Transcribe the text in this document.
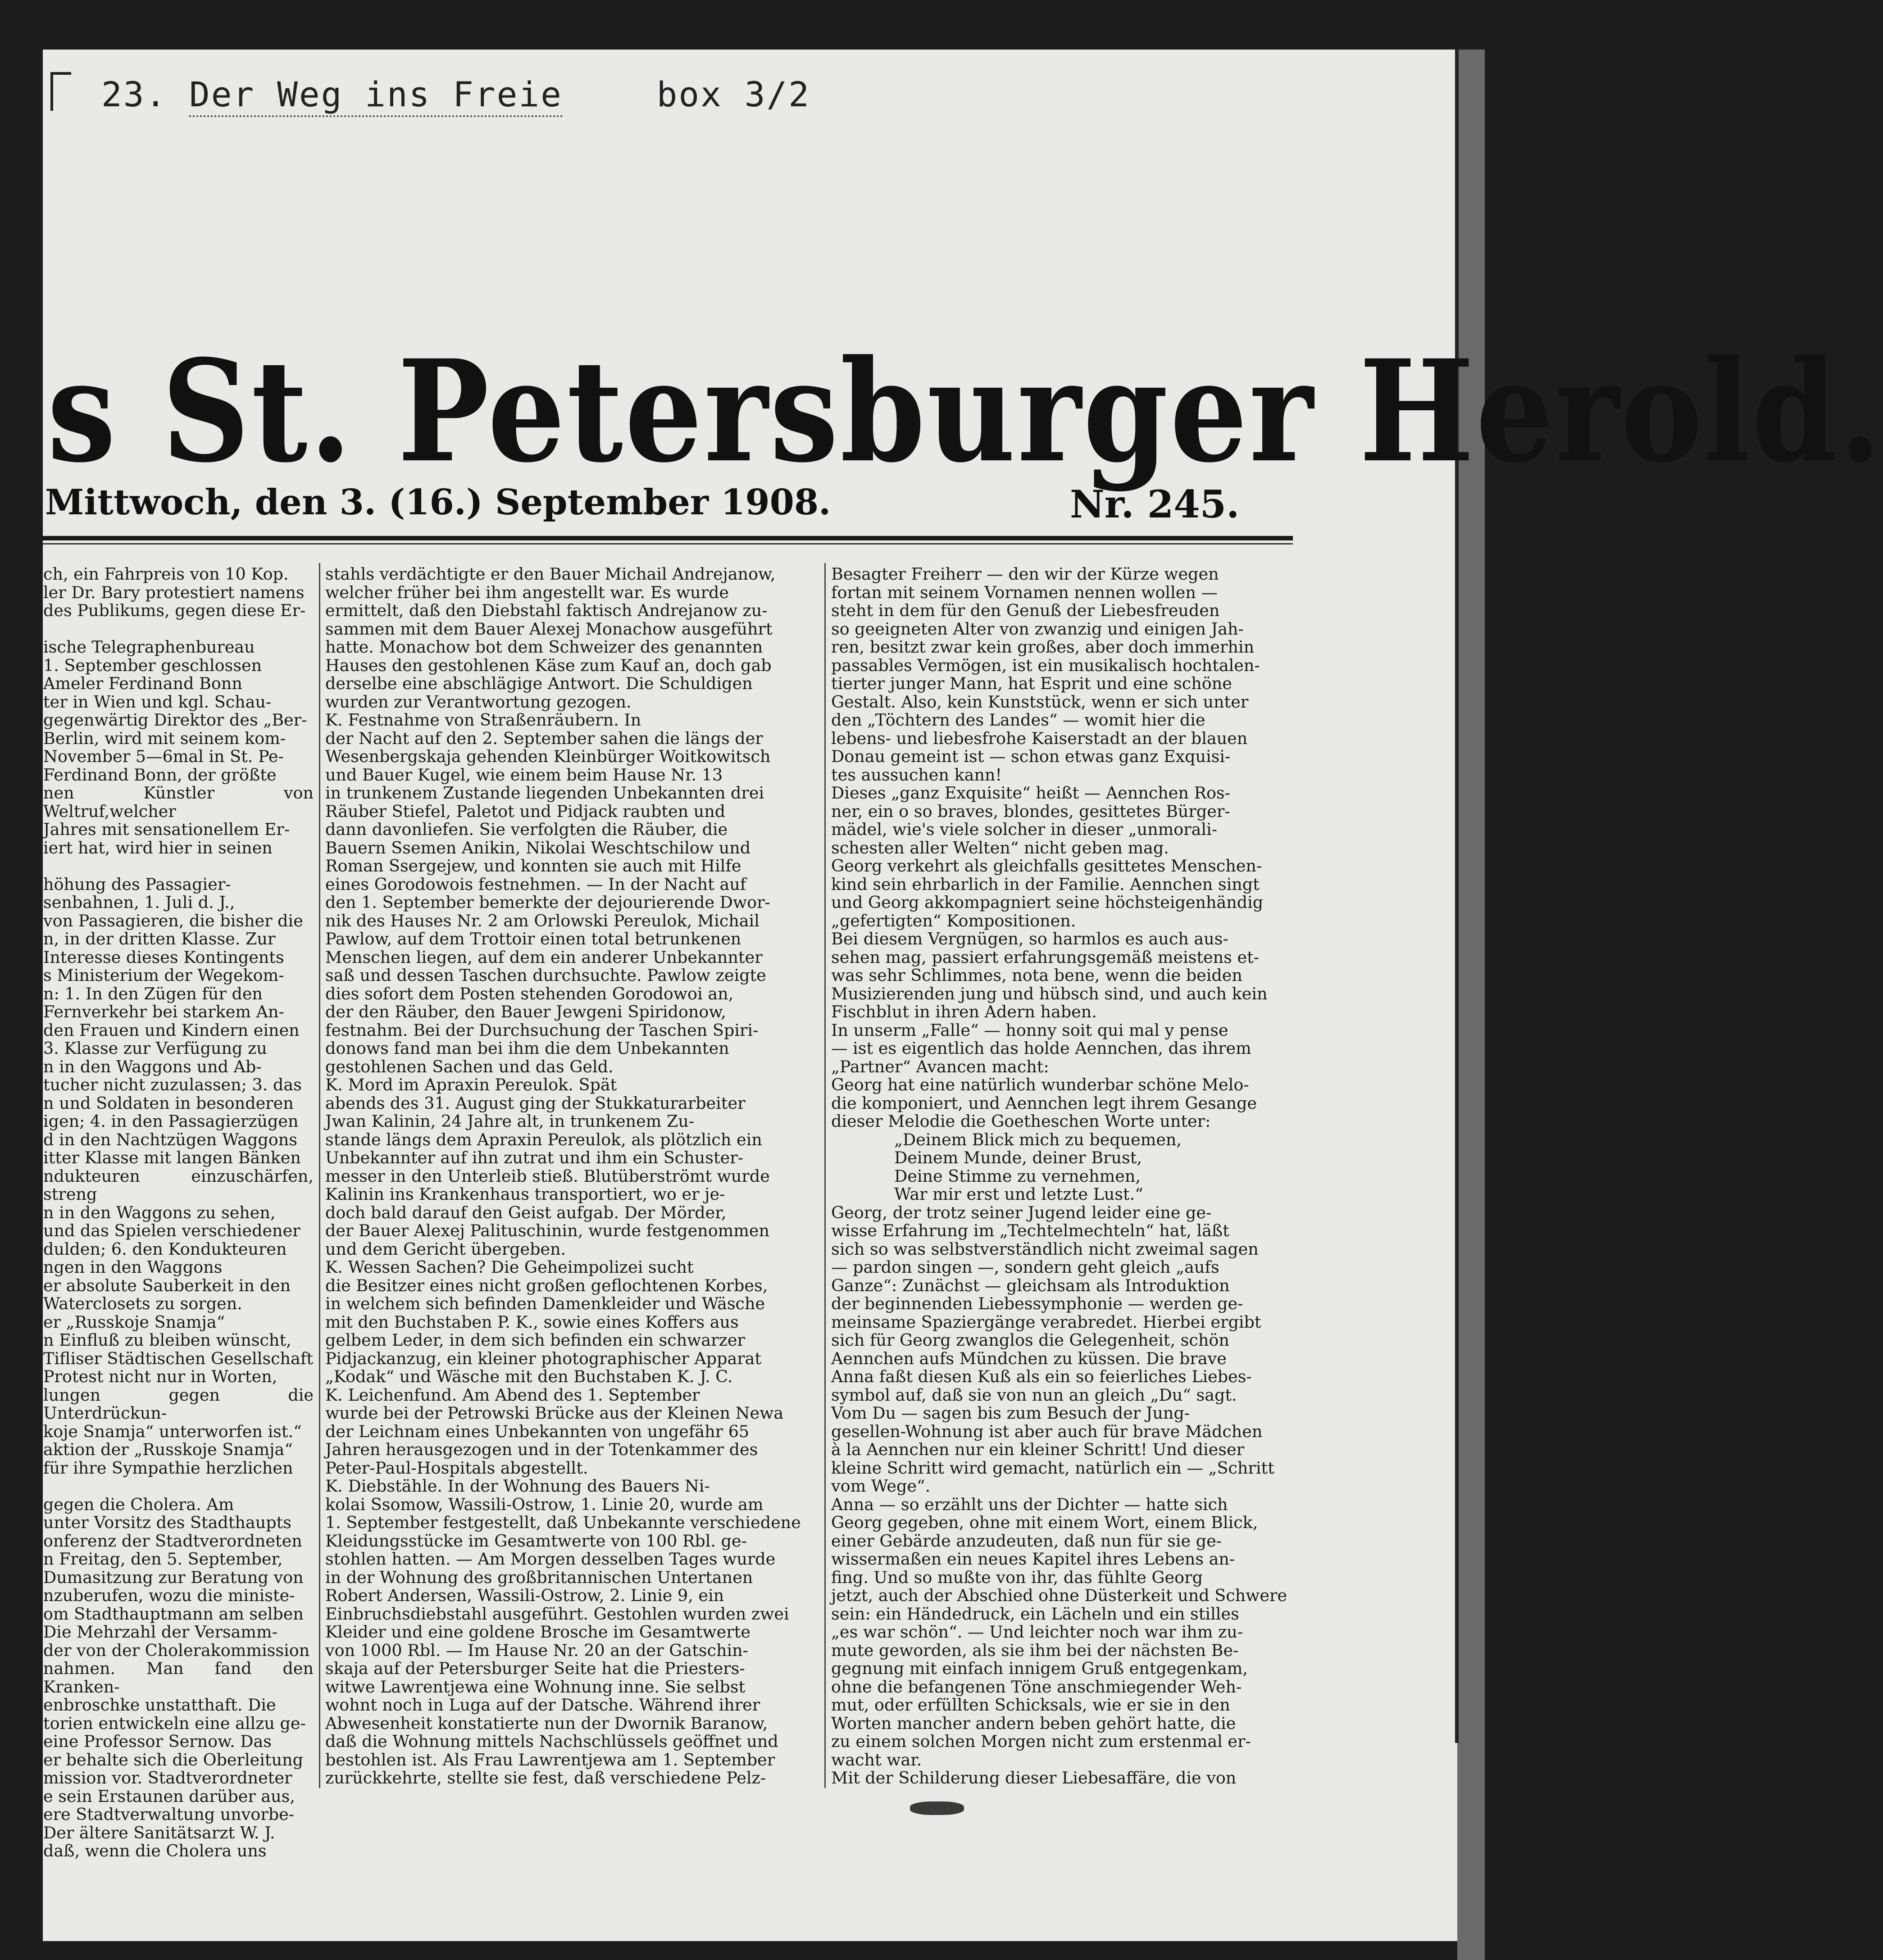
23. Der Weg ins Freie	box 3/2
s St. Petersburger Herold.
Mittwoch, den 3. (16.) September 1908.	Nr. 245.

ch, ein Fahrpreis von 10 Kop.

ler Dr. Bary protestiert namens

des Publikums, gegen diese Er-

ische Telegraphenbureau

1. September geschlossen

Ameler Ferdinand Bonn

ter in Wien und kgl. Schau-

gegenwärtig Direktor des „Ber-

Berlin, wird mit seinem kom-

November 5—6mal in St. Pe-

Ferdinand Bonn, der größte

nen Künstler von Weltruf,welcher

Jahres mit sensationellem Er-

iert hat, wird hier in seinen

höhung des Passagier-

senbahnen, 1. Juli d. J.,

von Passagieren, die bisher die

n, in der dritten Klasse. Zur

Interesse dieses Kontingents

s Ministerium der Wegekom-

n: 1. In den Zügen für den

Fernverkehr bei starkem An-

den Frauen und Kindern einen

3. Klasse zur Verfügung zu

n in den Waggons und Ab-

tucher nicht zuzulassen; 3. das

n und Soldaten in besonderen

igen; 4. in den Passagierzügen

d in den Nachtzügen Waggons

itter Klasse mit langen Bänken

ndukteuren einzuschärfen, streng

n in den Waggons zu sehen,

und das Spielen verschiedener

dulden; 6. den Kondukteuren

ngen in den Waggons

er absolute Sauberkeit in den

Waterclosets zu sorgen.

er „Russkoje Snamja“

n Einfluß zu bleiben wünscht,

Tifliser Städtischen Gesellschaft

Protest nicht nur in Worten,

lungen gegen die Unterdrückun-

koje Snamja“ unterworfen ist.“

aktion der „Russkoje Snamja“

für ihre Sympathie herzlichen

gegen die Cholera. Am

unter Vorsitz des Stadthaupts

onferenz der Stadtverordneten

n Freitag, den 5. September,

Dumasitzung zur Beratung von

nzuberufen, wozu die ministe-

om Stadthauptmann am selben

Die Mehrzahl der Versamm-

der von der Cholerakommission

nahmen. Man fand den Kranken-

enbroschke unstatthaft. Die

torien entwickeln eine allzu ge-

eine Professor Sernow. Das

er behalte sich die Oberleitung

mission vor. Stadtverordneter

e sein Erstaunen darüber aus,

ere Stadtverwaltung unvorbe-

Der ältere Sanitätsarzt W. J.

daß, wenn die Cholera uns

stahls verdächtigte er den Bauer Michail Andrejanow,

welcher früher bei ihm angestellt war. Es wurde

ermittelt, daß den Diebstahl faktisch Andrejanow zu-

sammen mit dem Bauer Alexej Monachow ausgeführt

hatte. Monachow bot dem Schweizer des genannten

Hauses den gestohlenen Käse zum Kauf an, doch gab

derselbe eine abschlägige Antwort. Die Schuldigen

wurden zur Verantwortung gezogen.

K. Festnahme von Straßenräubern. In

der Nacht auf den 2. September sahen die längs der

Wesenbergskaja gehenden Kleinbürger Woitkowitsch

und Bauer Kugel, wie einem beim Hause Nr. 13

in trunkenem Zustande liegenden Unbekannten drei

Räuber Stiefel, Paletot und Pidjack raubten und

dann davonliefen. Sie verfolgten die Räuber, die

Bauern Ssemen Anikin, Nikolai Weschtschilow und

Roman Ssergejew, und konnten sie auch mit Hilfe

eines Gorodowois festnehmen. — In der Nacht auf

den 1. September bemerkte der dejourierende Dwor-

nik des Hauses Nr. 2 am Orlowski Pereulok, Michail

Pawlow, auf dem Trottoir einen total betrunkenen

Menschen liegen, auf dem ein anderer Unbekannter

saß und dessen Taschen durchsuchte. Pawlow zeigte

dies sofort dem Posten stehenden Gorodowoi an,

der den Räuber, den Bauer Jewgeni Spiridonow,

festnahm. Bei der Durchsuchung der Taschen Spiri-

donows fand man bei ihm die dem Unbekannten

gestohlenen Sachen und das Geld.

K. Mord im Apraxin Pereulok. Spät

abends des 31. August ging der Stukkaturarbeiter

Jwan Kalinin, 24 Jahre alt, in trunkenem Zu-

stande längs dem Apraxin Pereulok, als plötzlich ein

Unbekannter auf ihn zutrat und ihm ein Schuster-

messer in den Unterleib stieß. Blutüberströmt wurde

Kalinin ins Krankenhaus transportiert, wo er je-

doch bald darauf den Geist aufgab. Der Mörder,

der Bauer Alexej Palituschinin, wurde festgenommen

und dem Gericht übergeben.

K. Wessen Sachen? Die Geheimpolizei sucht

die Besitzer eines nicht großen geflochtenen Korbes,

in welchem sich befinden Damenkleider und Wäsche

mit den Buchstaben P. K., sowie eines Koffers aus

gelbem Leder, in dem sich befinden ein schwarzer

Pidjackanzug, ein kleiner photographischer Apparat

„Kodak“ und Wäsche mit den Buchstaben K. J. C.

K. Leichenfund. Am Abend des 1. September

wurde bei der Petrowski Brücke aus der Kleinen Newa

der Leichnam eines Unbekannten von ungefähr 65

Jahren herausgezogen und in der Totenkammer des

Peter-Paul-Hospitals abgestellt.

K. Diebstähle. In der Wohnung des Bauers Ni-

kolai Ssomow, Wassili-Ostrow, 1. Linie 20, wurde am

1. September festgestellt, daß Unbekannte verschiedene

Kleidungsstücke im Gesamtwerte von 100 Rbl. ge-

stohlen hatten. — Am Morgen desselben Tages wurde

in der Wohnung des großbritannischen Untertanen

Robert Andersen, Wassili-Ostrow, 2. Linie 9, ein

Einbruchsdiebstahl ausgeführt. Gestohlen wurden zwei

Kleider und eine goldene Brosche im Gesamtwerte

von 1000 Rbl. — Im Hause Nr. 20 an der Gatschin-

skaja auf der Petersburger Seite hat die Priesters-

witwe Lawrentjewa eine Wohnung inne. Sie selbst

wohnt noch in Luga auf der Datsche. Während ihrer

Abwesenheit konstatierte nun der Dwornik Baranow,

daß die Wohnung mittels Nachschlüssels geöffnet und

bestohlen ist. Als Frau Lawrentjewa am 1. September

zurückkehrte, stellte sie fest, daß verschiedene Pelz-

Besagter Freiherr — den wir der Kürze wegen

fortan mit seinem Vornamen nennen wollen —

steht in dem für den Genuß der Liebesfreuden

so geeigneten Alter von zwanzig und einigen Jah-

ren, besitzt zwar kein großes, aber doch immerhin

passables Vermögen, ist ein musikalisch hochtalen-

tierter junger Mann, hat Esprit und eine schöne

Gestalt. Also, kein Kunststück, wenn er sich unter

den „Töchtern des Landes“ — womit hier die

lebens- und liebesfrohe Kaiserstadt an der blauen

Donau gemeint ist — schon etwas ganz Exquisi-

tes aussuchen kann!

Dieses „ganz Exquisite“ heißt — Aennchen Ros-

ner, ein o so braves, blondes, gesittetes Bürger-

mädel, wie's viele solcher in dieser „unmorali-

schesten aller Welten“ nicht geben mag.

Georg verkehrt als gleichfalls gesittetes Menschen-

kind sein ehrbarlich in der Familie. Aennchen singt

und Georg akkompagniert seine höchsteigenhändig

„gefertigten“ Kompositionen.

Bei diesem Vergnügen, so harmlos es auch aus-

sehen mag, passiert erfahrungsgemäß meistens et-

was sehr Schlimmes, nota bene, wenn die beiden

Musizierenden jung und hübsch sind, und auch kein

Fischblut in ihren Adern haben.

In unserm „Falle“ — honny soit qui mal y pense

— ist es eigentlich das holde Aennchen, das ihrem

„Partner“ Avancen macht:

Georg hat eine natürlich wunderbar schöne Melo-

die komponiert, und Aennchen legt ihrem Gesange

dieser Melodie die Goetheschen Worte unter:

„Deinem Blick mich zu bequemen,

Deinem Munde, deiner Brust,

Deine Stimme zu vernehmen,

War mir erst und letzte Lust.“

Georg, der trotz seiner Jugend leider eine ge-

wisse Erfahrung im „Techtelmechteln“ hat, läßt

sich so was selbstverständlich nicht zweimal sagen

— pardon singen —, sondern geht gleich „aufs

Ganze“: Zunächst — gleichsam als Introduktion

der beginnenden Liebessymphonie — werden ge-

meinsame Spaziergänge verabredet. Hierbei ergibt

sich für Georg zwanglos die Gelegenheit, schön

Aennchen aufs Mündchen zu küssen. Die brave

Anna faßt diesen Kuß als ein so feierliches Liebes-

symbol auf, daß sie von nun an gleich „Du“ sagt.

Vom Du — sagen bis zum Besuch der Jung-

gesellen-Wohnung ist aber auch für brave Mädchen

à la Aennchen nur ein kleiner Schritt! Und dieser

kleine Schritt wird gemacht, natürlich ein — „Schritt

vom Wege“.

Anna — so erzählt uns der Dichter — hatte sich

Georg gegeben, ohne mit einem Wort, einem Blick,

einer Gebärde anzudeuten, daß nun für sie ge-

wissermaßen ein neues Kapitel ihres Lebens an-

fing. Und so mußte von ihr, das fühlte Georg

jetzt, auch der Abschied ohne Düsterkeit und Schwere

sein: ein Händedruck, ein Lächeln und ein stilles

„es war schön“. — Und leichter noch war ihm zu-

mute geworden, als sie ihm bei der nächsten Be-

gegnung mit einfach innigem Gruß entgegenkam,

ohne die befangenen Töne anschmiegender Weh-

mut, oder erfüllten Schicksals, wie er sie in den

Worten mancher andern beben gehört hatte, die

zu einem solchen Morgen nicht zum erstenmal er-

wacht war.

Mit der Schilderung dieser Liebesaffäre, die von
